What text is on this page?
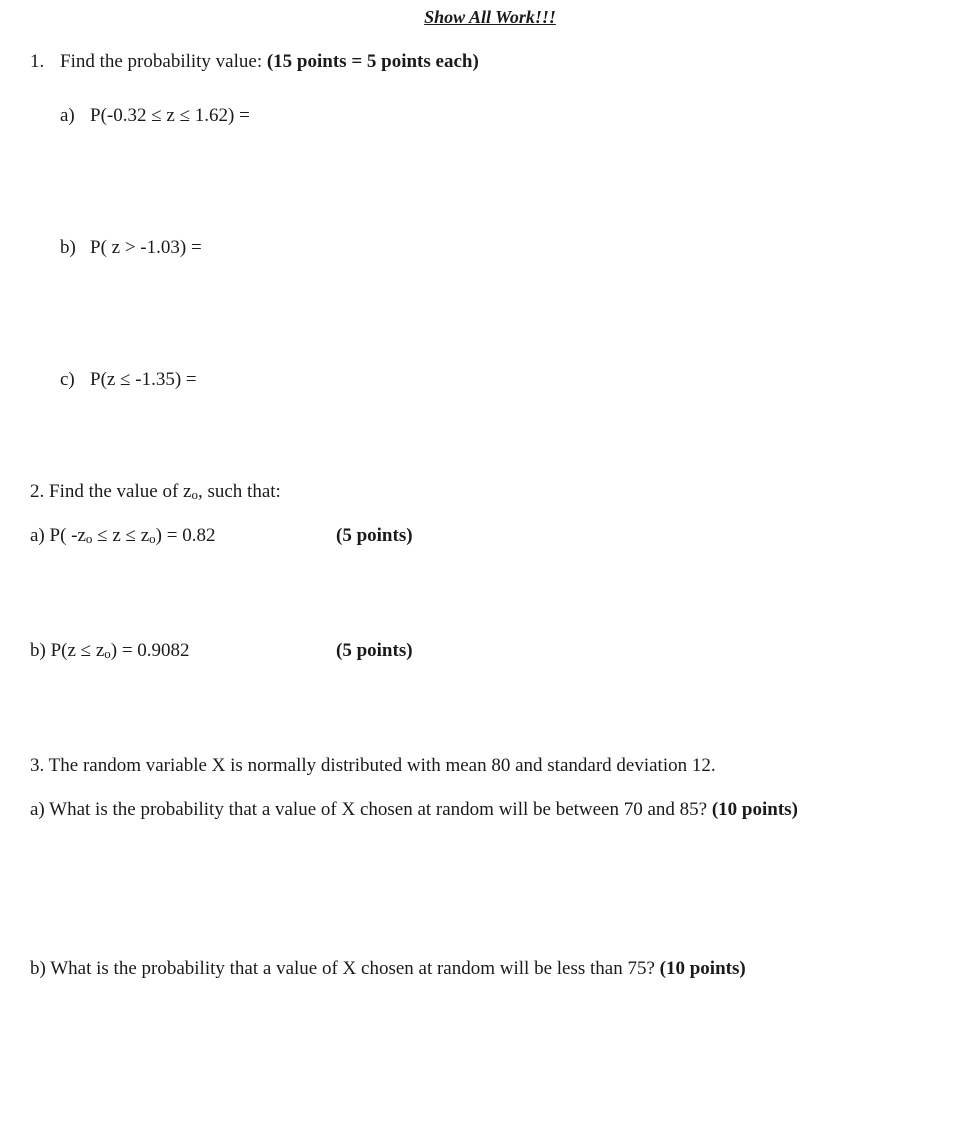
Show All Work!!!
1. Find the probability value: (15 points = 5 points each)
a) P(-0.32 ≤ z ≤ 1.62) =
b) P( z > -1.03) =
c) P(z ≤ -1.35) =
2. Find the value of zo, such that:
a) P( -zo ≤ z ≤ zo) = 0.82	(5 points)
b) P(z ≤ zo) = 0.9082	(5 points)
3. The random variable X is normally distributed with mean 80 and standard deviation 12.
a) What is the probability that a value of X chosen at random will be between 70 and 85? (10 points)
b) What is the probability that a value of X chosen at random will be less than 75? (10 points)
